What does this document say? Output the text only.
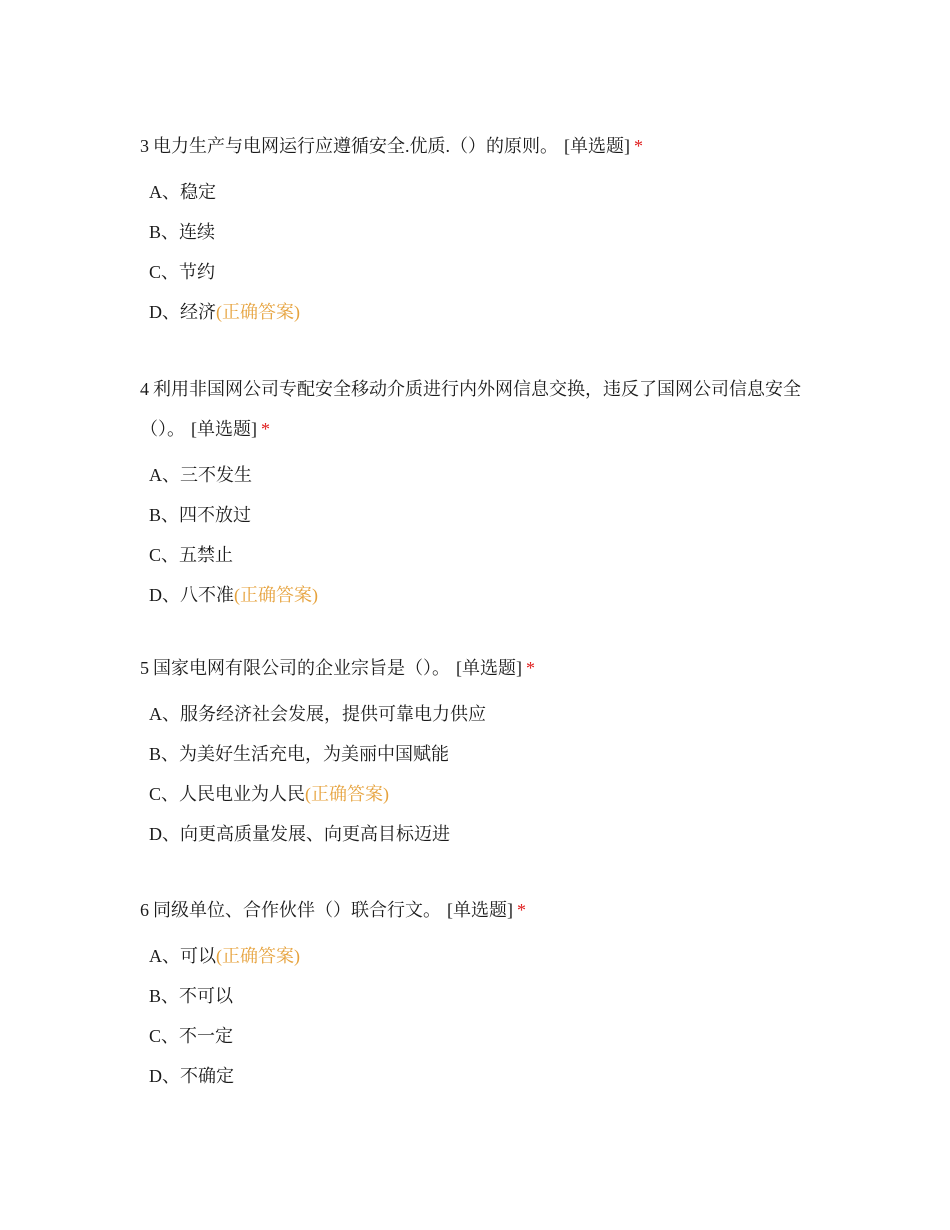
3 电力生产与电网运行应遵循安全.优质.（）的原则。 [单选题] *

A、稳定
B、连续
C、节约
D、经济(正确答案)

4 利用非国网公司专配安全移动介质进行内外网信息交换，违反了国网公司信息安全（）。 [单选题] *

A、三不发生
B、四不放过
C、五禁止
D、八不准(正确答案)

5 国家电网有限公司的企业宗旨是（）。 [单选题] *

A、服务经济社会发展，提供可靠电力供应
B、为美好生活充电，为美丽中国赋能
C、人民电业为人民(正确答案)
D、向更高质量发展、向更高目标迈进

6 同级单位、合作伙伴（）联合行文。 [单选题] *

A、可以(正确答案)
B、不可以
C、不一定
D、不确定
